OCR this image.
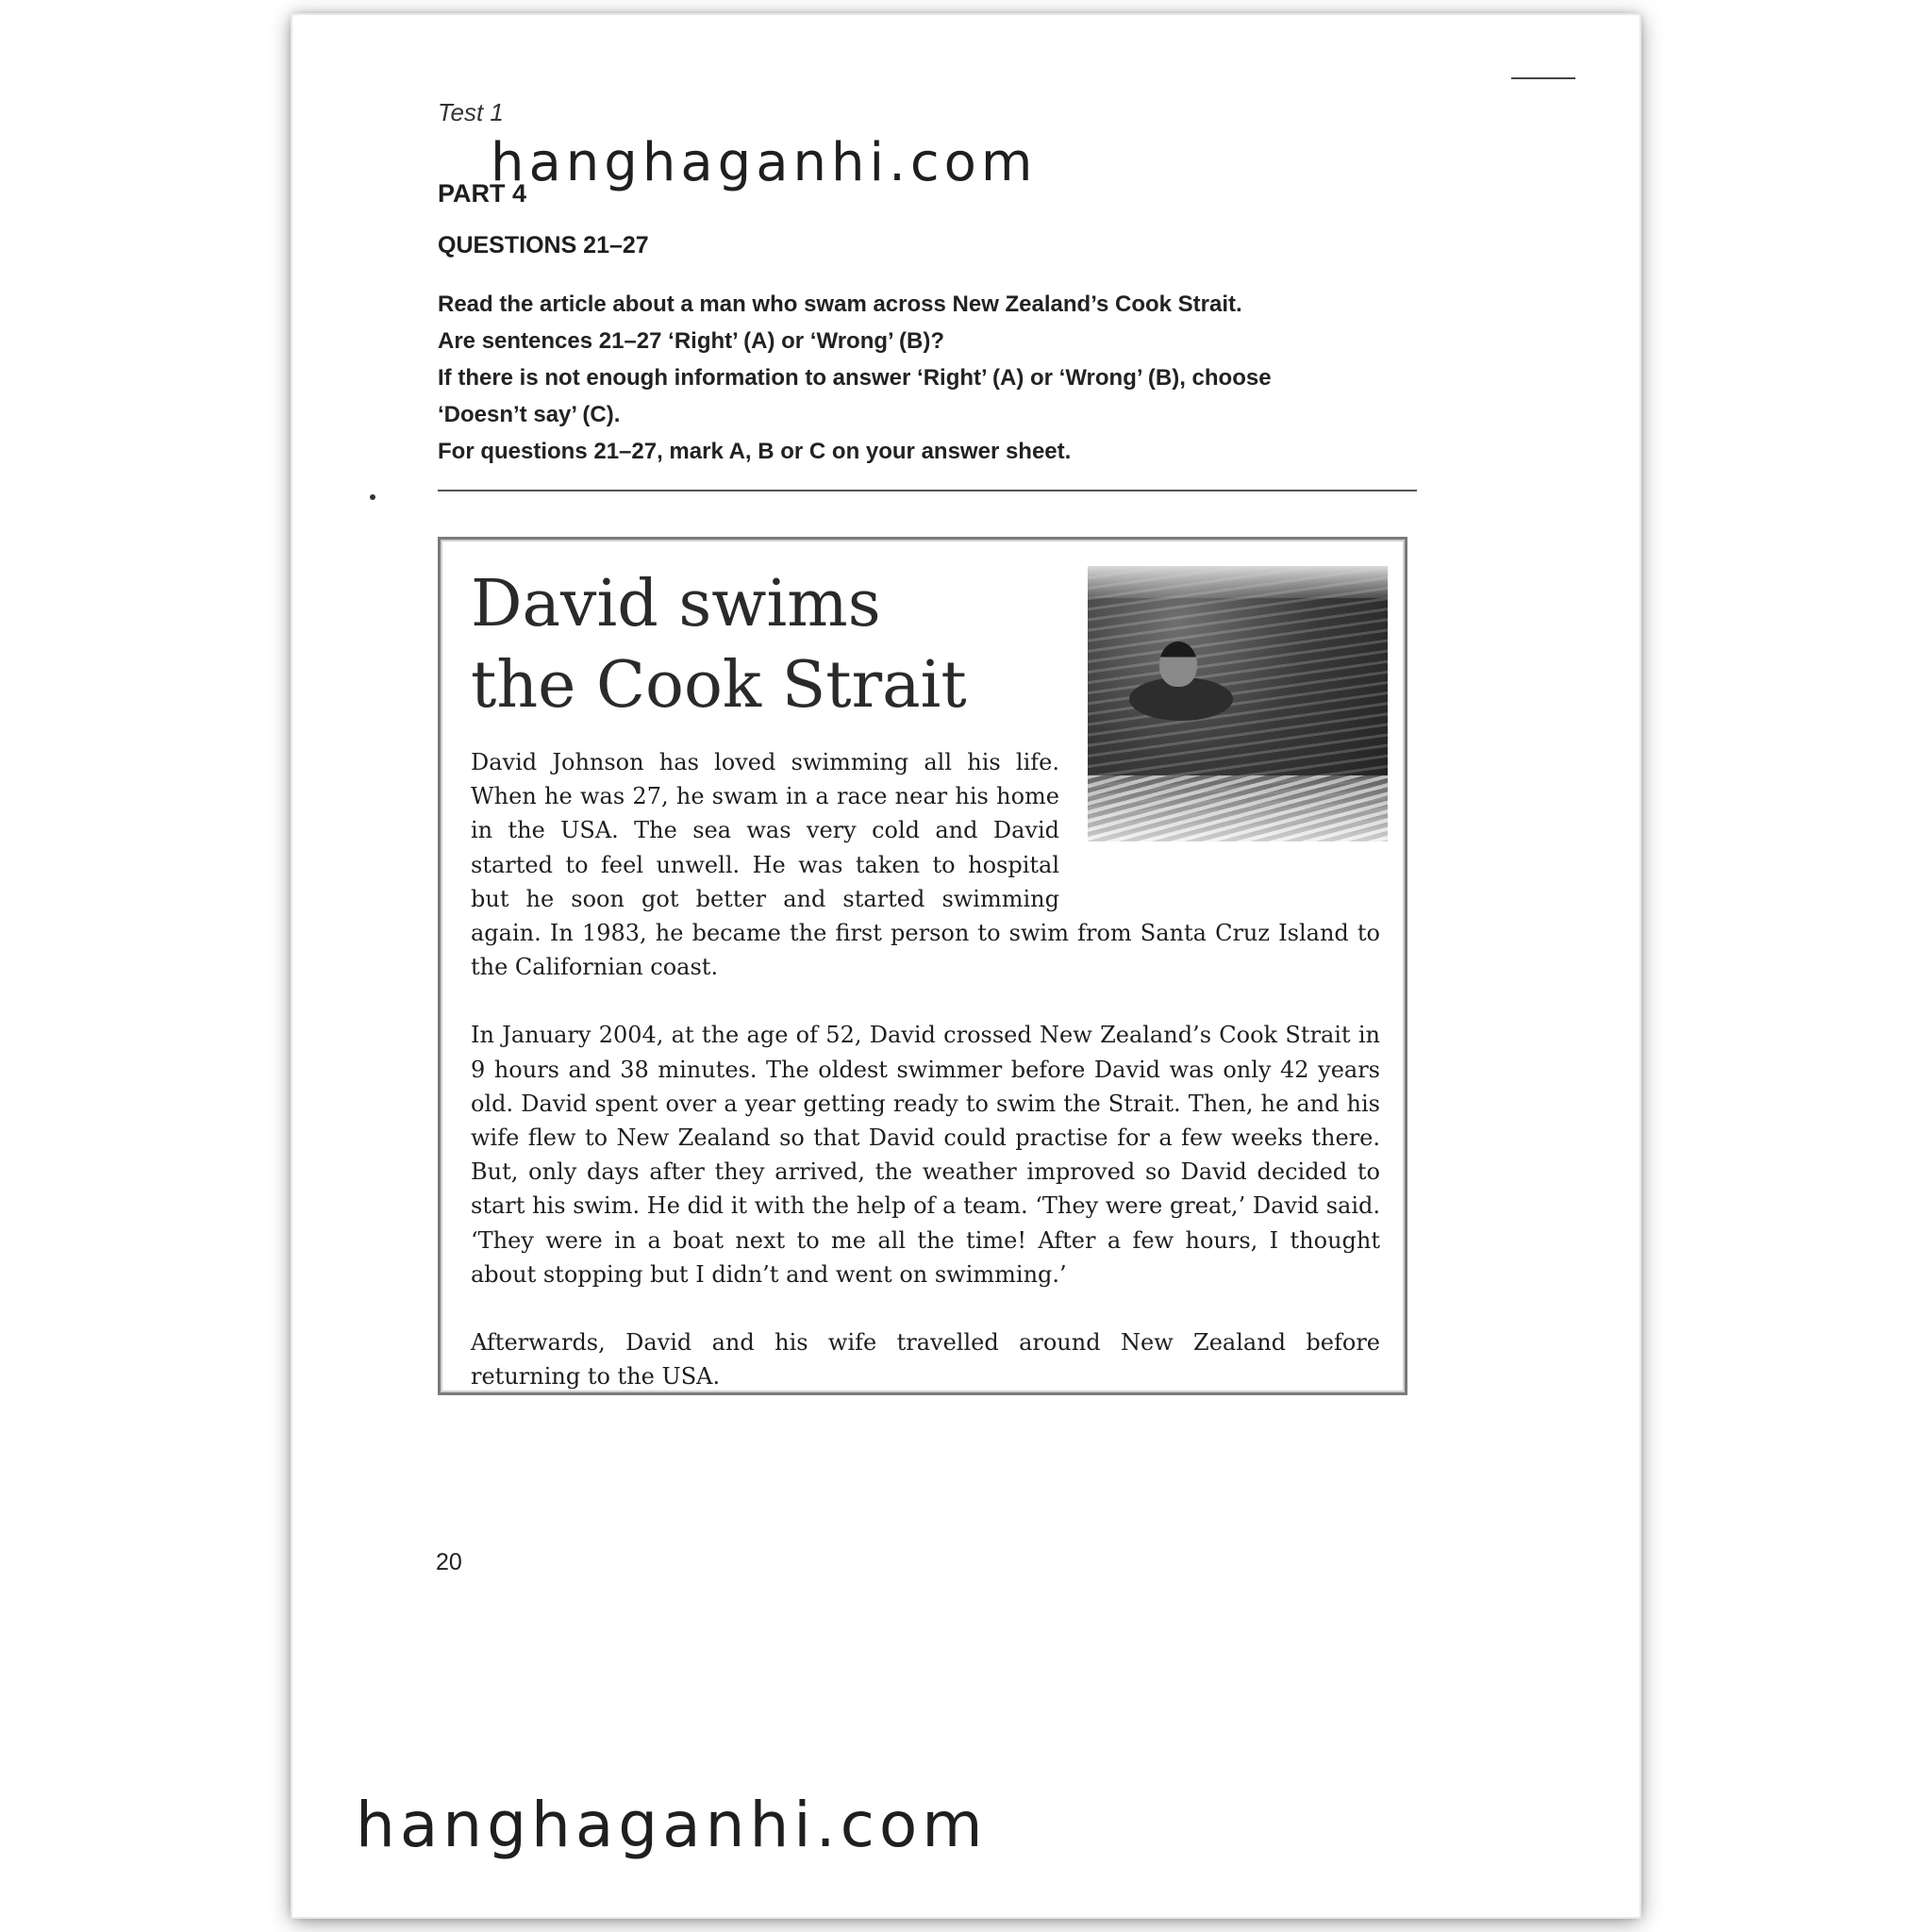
Test 1
PART 4
QUESTIONS 21–27
Read the article about a man who swam across New Zealand’s Cook Strait.
Are sentences 21–27 ‘Right’ (A) or ‘Wrong’ (B)?
If there is not enough information to answer ‘Right’ (A) or ‘Wrong’ (B), choose
‘Doesn’t say’ (C).
For questions 21–27, mark A, B or C on your answer sheet.
David swims the Cook Strait

David Johnson has loved swimming all his life. When he was 27, he swam in a race near his home in the USA. The sea was very cold and David started to feel unwell. He was taken to hospital but he soon got better and started swimming again. In 1983, he became the first person to swim from Santa Cruz Island to the Californian coast.

In January 2004, at the age of 52, David crossed New Zealand’s Cook Strait in 9 hours and 38 minutes. The oldest swimmer before David was only 42 years old. David spent over a year getting ready to swim the Strait. Then, he and his wife flew to New Zealand so that David could practise for a few weeks there. But, only days after they arrived, the weather improved so David decided to start his swim. He did it with the help of a team. ‘They were great,’ David said. ‘They were in a boat next to me all the time! After a few hours, I thought about stopping but I didn’t and went on swimming.’

Afterwards, David and his wife travelled around New Zealand before returning to the USA.

20
hanghaganhi.com
hanghaganhi.com
